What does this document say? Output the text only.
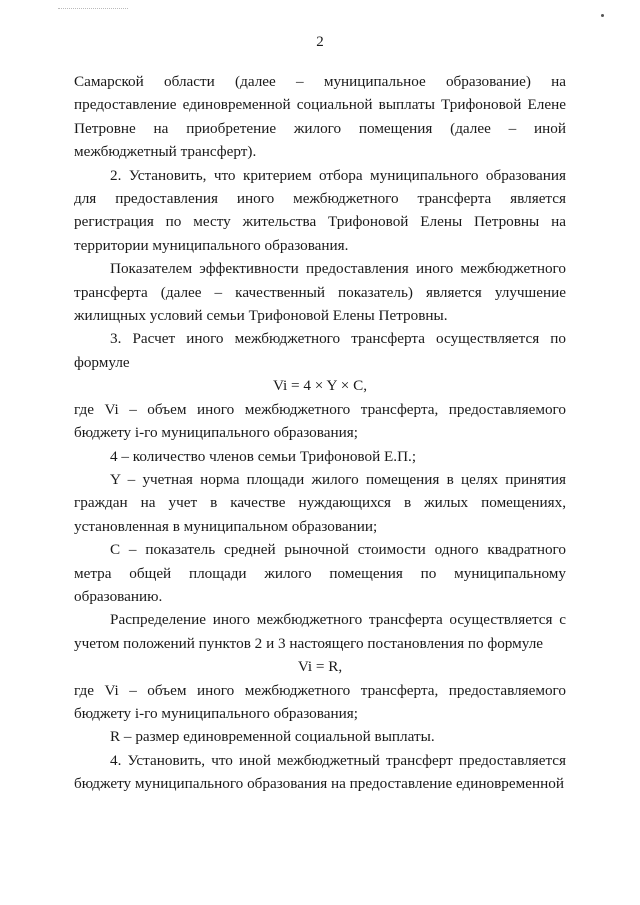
2

Самарской области (далее – муниципальное образование) на предоставление единовременной социальной выплаты Трифоновой Елене Петровне на приобретение жилого помещения (далее – иной межбюджетный трансферт).

2. Установить, что критерием отбора муниципального образования для предоставления иного межбюджетного трансферта является регистрация по месту жительства Трифоновой Елены Петровны на территории муниципального образования.

Показателем эффективности предоставления иного межбюджетного трансферта (далее – качественный показатель) является улучшение жилищных условий семьи Трифоновой Елены Петровны.

3. Расчет иного межбюджетного трансферта осуществляется по формуле

Vi = 4 × Y × C,

где Vi – объем иного межбюджетного трансферта, предоставляемого бюджету i-го муниципального образования;

4 – количество членов семьи Трифоновой Е.П.;

Y – учетная норма площади жилого помещения в целях принятия граждан на учет в качестве нуждающихся в жилых помещениях, установленная в муниципальном образовании;

С – показатель средней рыночной стоимости одного квадратного метра общей площади жилого помещения по муниципальному образованию.

Распределение иного межбюджетного трансферта осуществляется с учетом положений пунктов 2 и 3 настоящего постановления по формуле

Vi = R,

где Vi – объем иного межбюджетного трансферта, предоставляемого бюджету i-го муниципального образования;

R – размер единовременной социальной выплаты.

4. Установить, что иной межбюджетный трансферт предоставляется бюджету муниципального образования на предоставление единовременной
